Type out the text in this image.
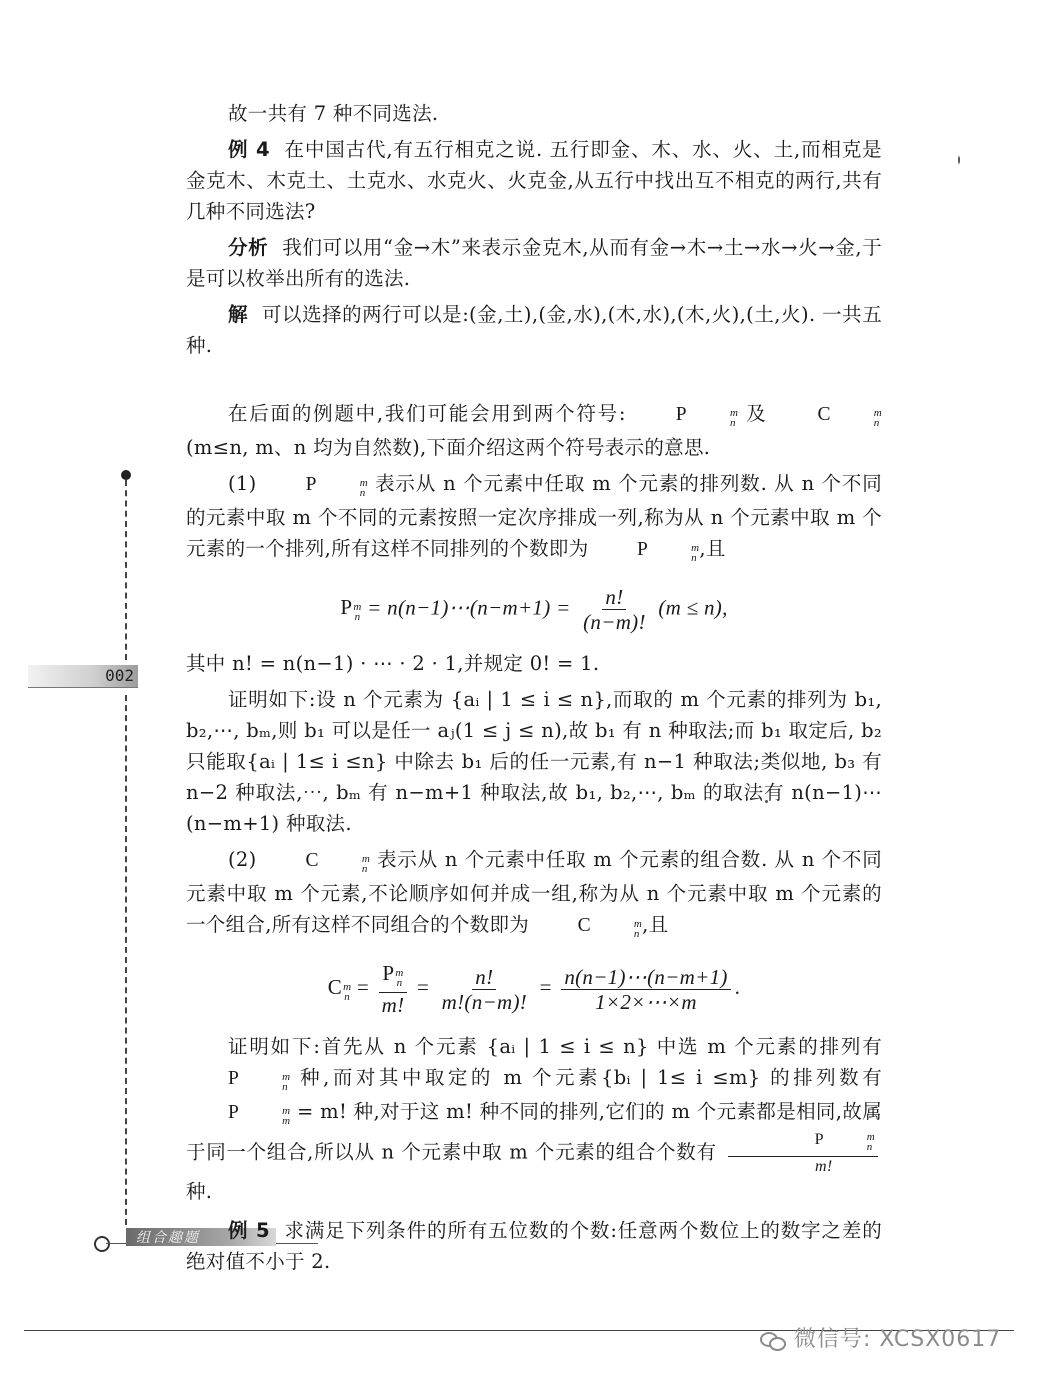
002
组合趣题
微信号: XCSX0617

故一共有 7 种不同选法.

例 4 在中国古代,有五行相克之说. 五行即金、木、水、火、土,而相克是金克木、木克土、土克水、水克火、火克金,从五行中找出互不相克的两行,共有几种不同选法?

分析 我们可以用“金→木”来表示金克木,从而有金→木→土→水→火→金,于是可以枚举出所有的选法.

解 可以选择的两行可以是:(金,土),(金,水),(木,水),(木,火),(土,火). 一共五种.

在后面的例题中,我们可能会用到两个符号:	P	m
n 及	C	m
n
(m≤n, m、n 均为自然数),下面介绍这两个符号表示的意思.

(1)	P	m
n 表示从 n 个元素中任取 m 个元素的排列数. 从 n 个不同的元素中取 m 个不同的元素按照一定次序排成一列,称为从 n 个元素中取 m 个元素的一个排列,所有这样不同排列的个数即为	P	m
n ,且

P m
n = n(n−1)⋯(n−m+1) = $\frac{n!}{(n-m)!} (m \le n)$,

其中 n! = n(n−1) · ⋯ · 2 · 1,并规定 0! = 1.

证明如下:设 n 个元素为 {aᵢ | 1 ≤ i ≤ n},而取的 m 个元素的排列为 b₁, b₂,⋯, bₘ,则 b₁ 可以是任一 aⱼ(1 ≤ j ≤ n),故 b₁ 有 n 种取法;而 b₁ 取定后, b₂ 只能取{aᵢ | 1≤ i ≤n} 中除去 b₁ 后的任一元素,有 n−1 种取法;类似地, b₃ 有 n−2 种取法,⋯, bₘ 有 n−m+1 种取法,故 b₁, b₂,⋯, bₘ 的取法有 n(n−1)⋯(n−m+1) 种取法.

(2)	C	m
n 表示从 n 个元素中任取 m 个元素的组合数. 从 n 个不同元素中取 m 个元素,不论顺序如何并成一组,称为从 n 个元素中取 m 个元素的一个组合,所有这样不同组合的个数即为	C	m
n ,且

C m
n = P m
n
m! = $\frac{n!}{m!(n-m)!} = \frac{n(n-1)\cdots(n-m+1)}{1\times 2\times\cdots\times m}$ .

证明如下:首先从 n 个元素 {aᵢ | 1 ≤ i ≤ n} 中选 m 个元素的排列有
P	m
n 种,而对其中取定的 m 个元素{bᵢ | 1≤ i ≤m} 的排列数有
P	m
m = m! 种,对于这 m! 种不同的排列,它们的 m 个元素都是相同,故属于同一个组合,所以从 n 个元素中取 m 个元素的组合个数有 P	m
n
m!
种.

例 5 求满足下列条件的所有五位数的个数:任意两个数位上的数字之差的绝对值不小于 2.
